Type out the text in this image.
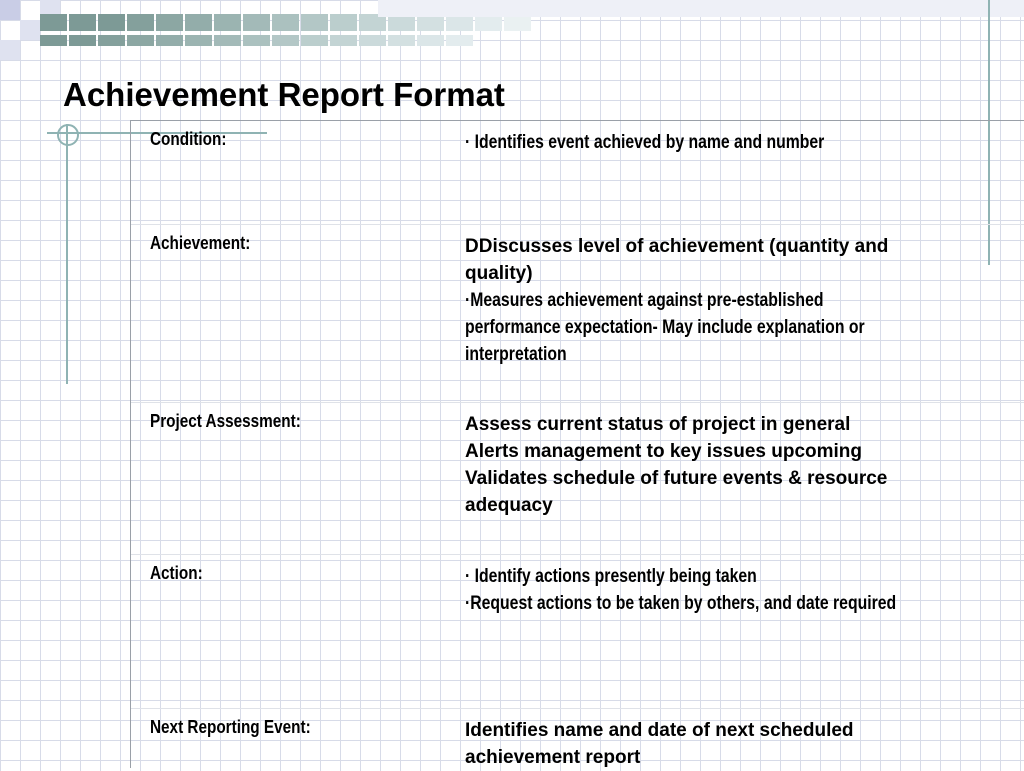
Achievement Report Format
Condition:	· Identifies event achieved by name and number
Achievement:	DDiscusses level of achievement (quantity and
quality)
·Measures achievement against pre-established
performance expectation- May include explanation or
interpretation
Project Assessment:	Assess current status of project in general
Alerts management to key issues upcoming
Validates schedule of future events & resource
adequacy
Action:	· Identify actions presently being taken
·Request actions to be taken by others, and date required
Next Reporting Event:	Identifies name and date of next scheduled
achievement report
